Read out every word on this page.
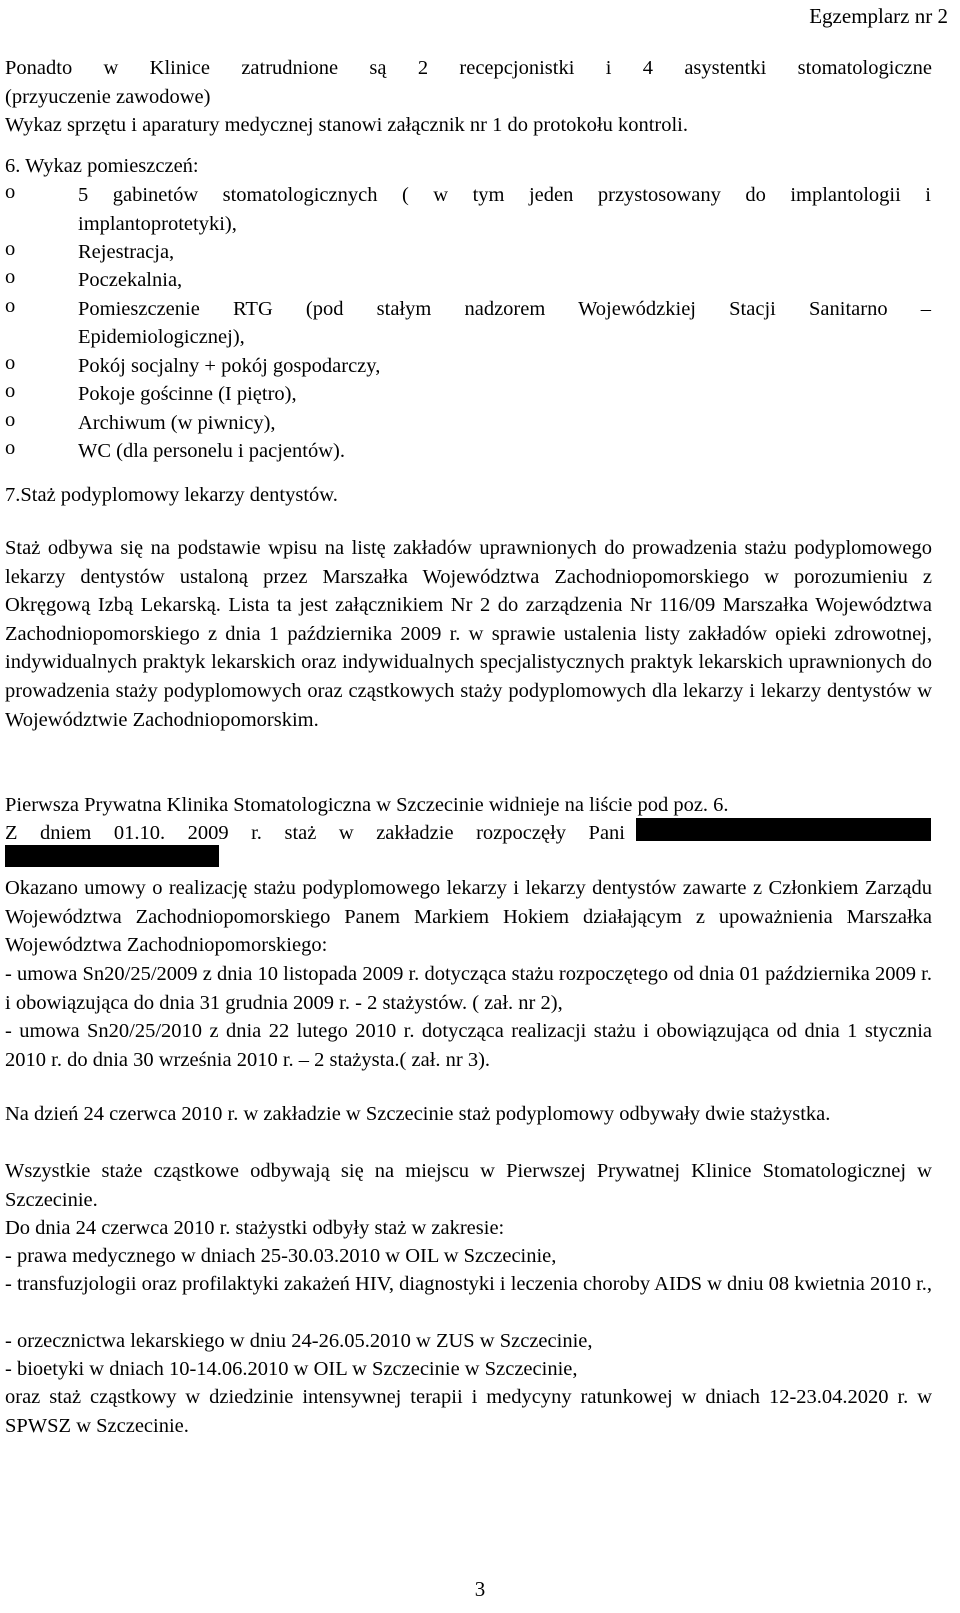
Egzemplarz nr 2
Ponadto w Klinice zatrudnione są 2 recepcjonistki i 4 asystentki stomatologiczne
(przyuczenie zawodowe)
Wykaz sprzętu i aparatury medycznej stanowi załącznik nr 1 do protokołu kontroli.
6. Wykaz pomieszczeń:
o	5 gabinetów stomatologicznych ( w tym jeden przystosowany do implantologii i
implantoprotetyki),
o	Rejestracja,
o	Poczekalnia,
o	Pomieszczenie RTG (pod stałym nadzorem Wojewódzkiej Stacji Sanitarno –
Epidemiologicznej),
o	Pokój socjalny + pokój gospodarczy,
o	Pokoje gościnne (I piętro),
o	Archiwum (w piwnicy),
o	WC (dla personelu i pacjentów).
7.Staż podyplomowy lekarzy dentystów.
Staż odbywa się na podstawie wpisu na listę zakładów uprawnionych do prowadzenia stażu podyplomowego lekarzy dentystów ustaloną przez Marszałka Województwa Zachodniopomorskiego w porozumieniu z Okręgową Izbą Lekarską. Lista ta jest załącznikiem Nr 2 do zarządzenia Nr 116/09 Marszałka Województwa Zachodniopomorskiego z dnia 1 października 2009 r. w sprawie ustalenia listy zakładów opieki zdrowotnej, indywidualnych praktyk lekarskich oraz indywidualnych specjalistycznych praktyk lekarskich uprawnionych do prowadzenia staży podyplomowych oraz cząstkowych staży podyplomowych dla lekarzy i lekarzy dentystów w Województwie Zachodniopomorskim.
Pierwsza Prywatna Klinika Stomatologiczna w Szczecinie widnieje na liście pod poz. 6.
Z dniem 01.10. 2009 r. staż w zakładzie rozpoczęły Pani
Okazano umowy o realizację stażu podyplomowego lekarzy i lekarzy dentystów zawarte z Członkiem Zarządu Województwa Zachodniopomorskiego Panem Markiem Hokiem działającym z upoważnienia Marszałka Województwa Zachodniopomorskiego:
- umowa Sn20/25/2009 z dnia 10 listopada 2009 r. dotycząca stażu rozpoczętego od dnia 01 października 2009 r. i obowiązująca do dnia 31 grudnia 2009 r. - 2 stażystów. ( zał. nr 2),
- umowa Sn20/25/2010 z dnia 22 lutego 2010 r. dotycząca realizacji stażu i obowiązująca od dnia 1 stycznia 2010 r. do dnia 30 września 2010 r. – 2 stażysta.( zał. nr 3).
Na dzień 24 czerwca 2010 r. w zakładzie w Szczecinie staż podyplomowy odbywały dwie stażystka.
Wszystkie staże cząstkowe odbywają się na miejscu w Pierwszej Prywatnej Klinice Stomatologicznej w Szczecinie.
Do dnia 24 czerwca 2010 r. stażystki odbyły staż w zakresie:
- prawa medycznego w dniach 25-30.03.2010 w OIL w Szczecinie,
- transfuzjologii oraz profilaktyki zakażeń HIV, diagnostyki i leczenia choroby AIDS w dniu 08 kwietnia 2010 r.,
- orzecznictwa lekarskiego w dniu 24-26.05.2010 w ZUS w Szczecinie,
- bioetyki w dniach 10-14.06.2010 w OIL w Szczecinie w Szczecinie,
oraz staż cząstkowy w dziedzinie intensywnej terapii i medycyny ratunkowej w dniach 12-23.04.2020 r. w SPWSZ w Szczecinie.
3
